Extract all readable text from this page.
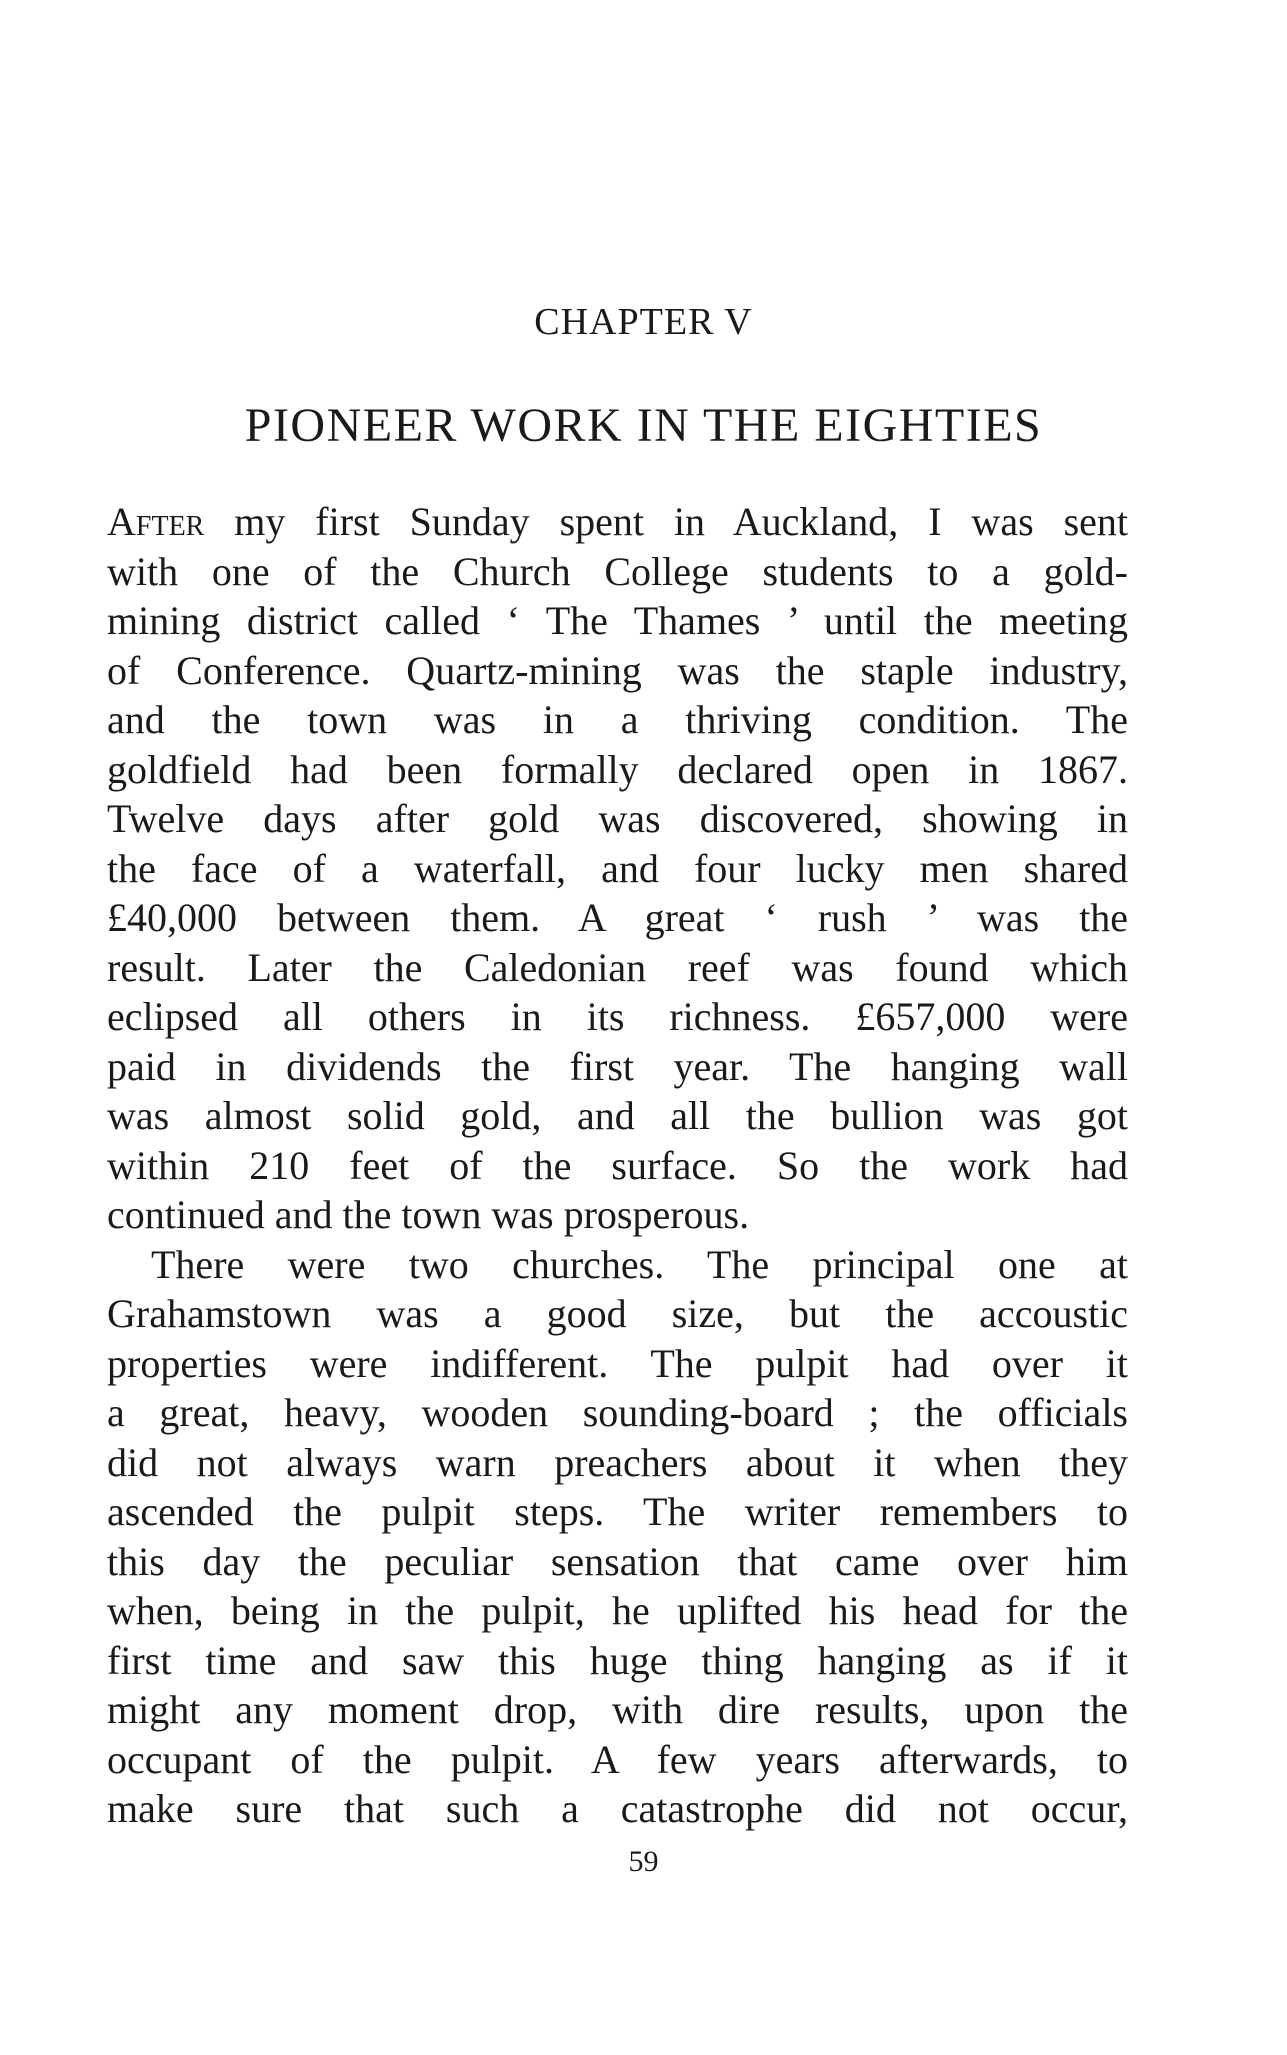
CHAPTER V
PIONEER WORK IN THE EIGHTIES
After my first Sunday spent in Auckland, I was sent
with one of the Church College students to a gold-
mining district called ‘ The Thames ’ until the meeting
of Conference. Quartz-mining was the staple industry,
and the town was in a thriving condition. The
goldfield had been formally declared open in 1867.
Twelve days after gold was discovered, showing in
the face of a waterfall, and four lucky men shared
£40,000 between them. A great ‘ rush ’ was the
result. Later the Caledonian reef was found which
eclipsed all others in its richness. £657,000 were
paid in dividends the first year. The hanging wall
was almost solid gold, and all the bullion was got
within 210 feet of the surface. So the work had
continued and the town was prosperous.
There were two churches. The principal one at
Grahamstown was a good size, but the accoustic
properties were indifferent. The pulpit had over it
a great, heavy, wooden sounding-board ; the officials
did not always warn preachers about it when they
ascended the pulpit steps. The writer remembers to
this day the peculiar sensation that came over him
when, being in the pulpit, he uplifted his head for the
first time and saw this huge thing hanging as if it
might any moment drop, with dire results, upon the
occupant of the pulpit. A few years afterwards, to
make sure that such a catastrophe did not occur,
59
